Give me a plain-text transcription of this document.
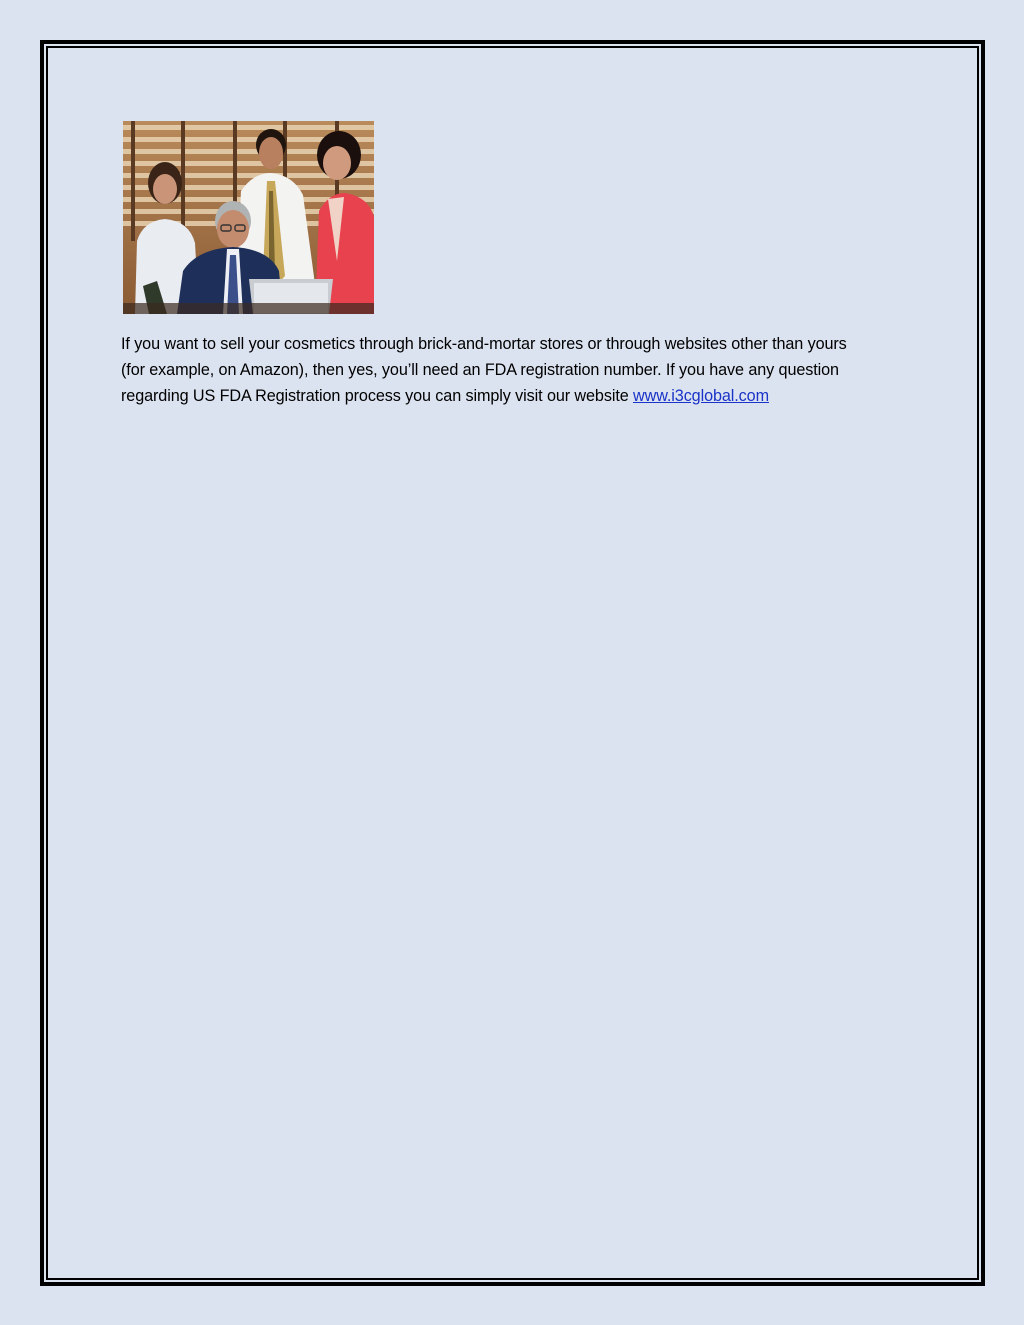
If you want to sell your cosmetics through brick-and-mortar stores or through websites other than yours
(for example, on Amazon), then yes, you’ll need an FDA registration number. If you have any question
regarding US FDA Registration process you can simply visit our website www.i3cglobal.com
